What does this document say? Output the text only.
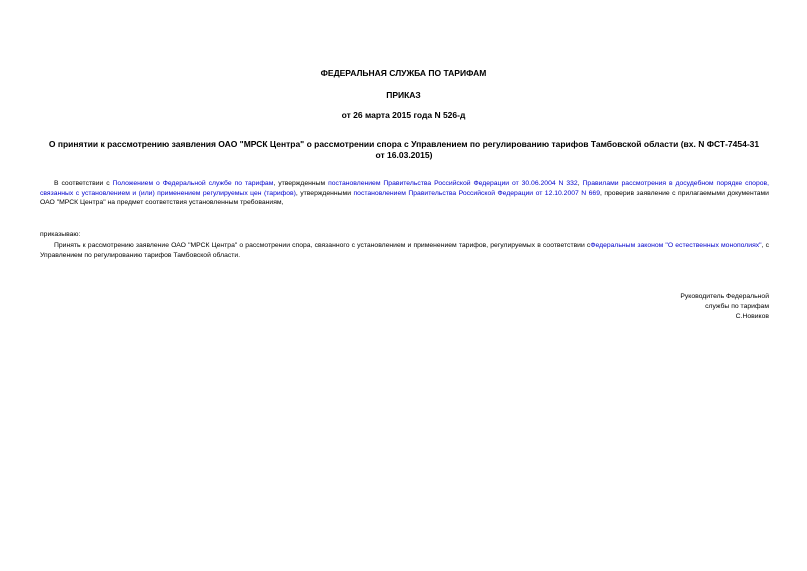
ФЕДЕРАЛЬНАЯ СЛУЖБА ПО ТАРИФАМ
ПРИКАЗ
от 26 марта 2015 года N 526-д
О принятии к рассмотрению заявления ОАО "МРСК Центра" о рассмотрении спора с Управлением по регулированию тарифов Тамбовской области (вх. N ФСТ-7454-31 от 16.03.2015)
В соответствии с Положением о Федеральной службе по тарифам, утвержденным постановлением Правительства Российской Федерации от 30.06.2004 N 332, Правилами рассмотрения в досудебном порядке споров, связанных с установлением и (или) применением регулируемых цен (тарифов), утвержденными постановлением Правительства Российской Федерации от 12.10.2007 N 669, проверив заявление с прилагаемыми документами ОАО "МРСК Центра" на предмет соответствия установленным требованиям,
приказываю:
Принять к рассмотрению заявление ОАО "МРСК Центра" о рассмотрении спора, связанного с установлением и применением тарифов, регулируемых в соответствии сФедеральным законом "О естественных монополиях", с Управлением по регулированию тарифов Тамбовской области.
Руководитель Федеральной
службы по тарифам
С.Новиков
